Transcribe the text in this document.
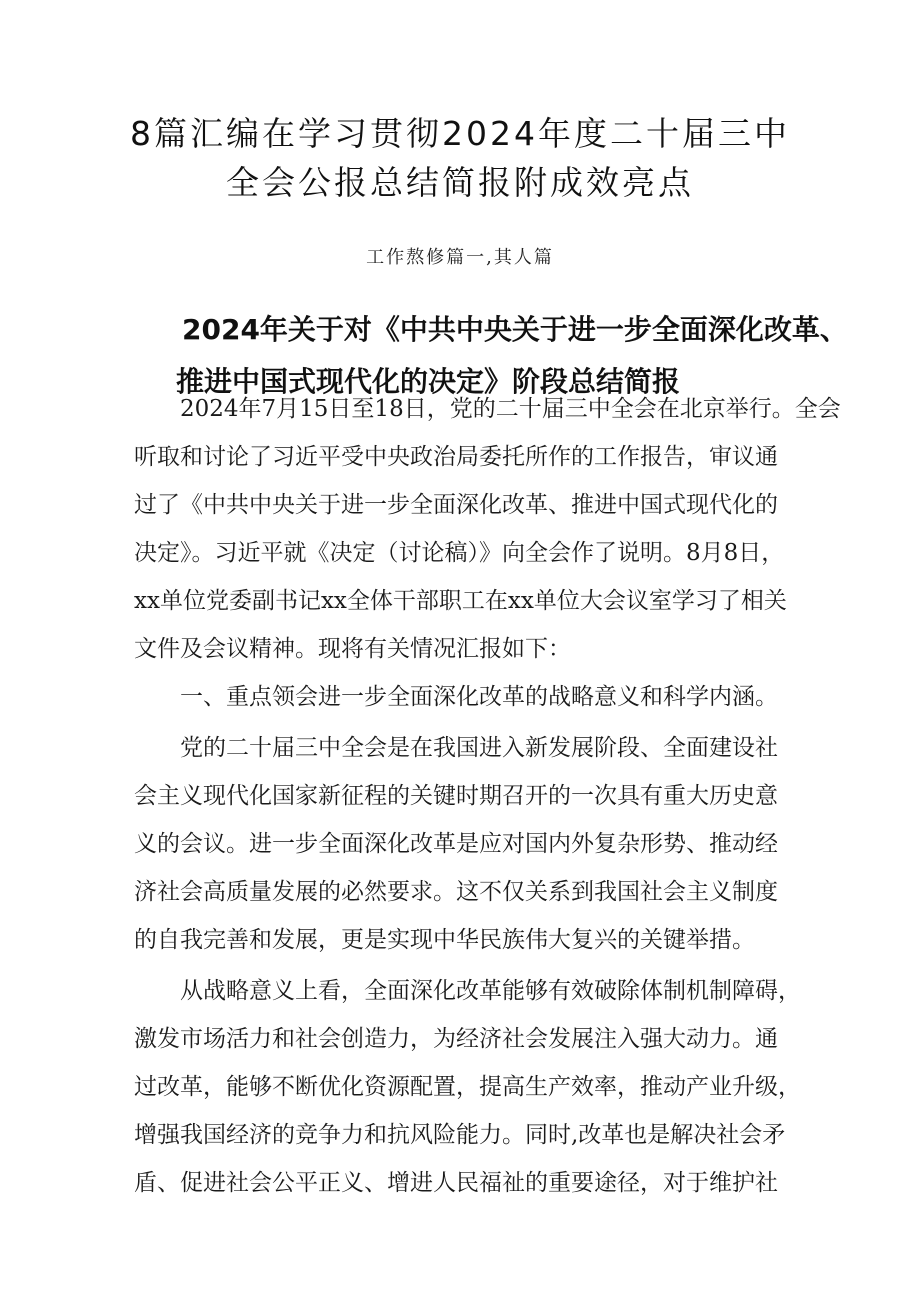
8篇汇编在学习贯彻2024年度二十届三中
全会公报总结简报附成效亮点
工作熬修篇一,其人篇
2024年关于对《中共中央关于进一步全面深化改革、
推进中国式现代化的决定》阶段总结简报
2024年7月15日至18日，党的二十届三中全会在北京举行。全会
听取和讨论了习近平受中央政治局委托所作的工作报告，审议通
过了《中共中央关于进一步全面深化改革、推进中国式现代化的
决定》。习近平就《决定（讨论稿）》向全会作了说明。8月8日，
xx单位党委副书记xx全体干部职工在xx单位大会议室学习了相关
文件及会议精神。现将有关情况汇报如下：
一、重点领会进一步全面深化改革的战略意义和科学内涵。
党的二十届三中全会是在我国进入新发展阶段、全面建设社
会主义现代化国家新征程的关键时期召开的一次具有重大历史意
义的会议。进一步全面深化改革是应对国内外复杂形势、推动经
济社会高质量发展的必然要求。这不仅关系到我国社会主义制度
的自我完善和发展，更是实现中华民族伟大复兴的关键举措。
从战略意义上看，全面深化改革能够有效破除体制机制障碍，
激发市场活力和社会创造力，为经济社会发展注入强大动力。通
过改革，能够不断优化资源配置，提高生产效率，推动产业升级，
增强我国经济的竞争力和抗风险能力。同时,改革也是解决社会矛
盾、促进社会公平正义、增进人民福祉的重要途径，对于维护社
